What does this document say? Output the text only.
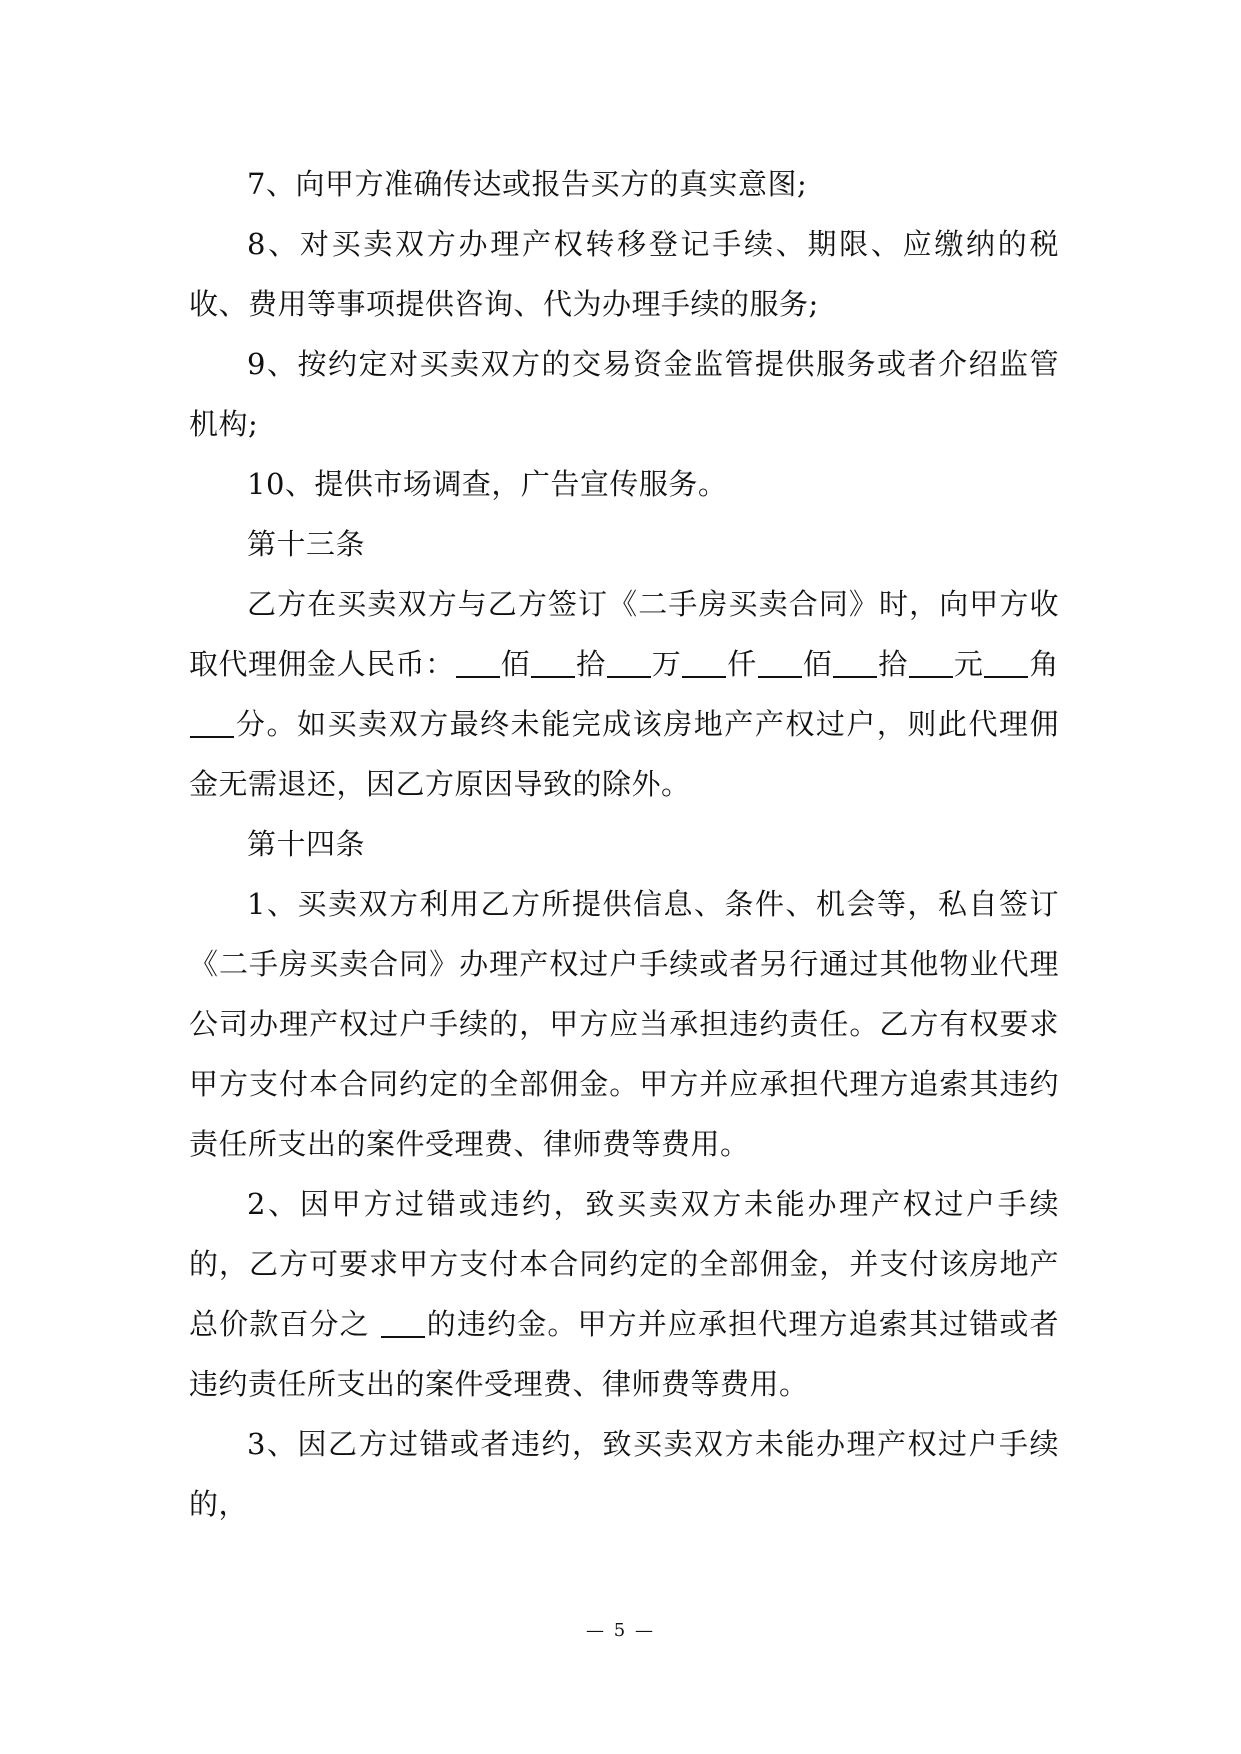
7、向甲方准确传达或报告买方的真实意图;

8、对买卖双方办理产权转移登记手续、期限、应缴纳的税收、费用等事项提供咨询、代为办理手续的服务;

9、按约定对买卖双方的交易资金监管提供服务或者介绍监管机构;

10、提供市场调查，广告宣传服务。

第十三条

乙方在买卖双方与乙方签订《二手房买卖合同》时，向甲方收取代理佣金人民币： 佰 拾 万 仟 佰 拾 元 角分。如买卖双方最终未能完成该房地产产权过户，则此代理佣金无需退还，因乙方原因导致的除外。

第十四条

1、买卖双方利用乙方所提供信息、条件、机会等，私自签订《二手房买卖合同》办理产权过户手续或者另行通过其他物业代理公司办理产权过户手续的，甲方应当承担违约责任。乙方有权要求甲方支付本合同约定的全部佣金。甲方并应承担代理方追索其违约责任所支出的案件受理费、律师费等费用。

2、因甲方过错或违约，致买卖双方未能办理产权过户手续的，乙方可要求甲方支付本合同约定的全部佣金，并支付该房地产总价款百分之 的违约金。甲方并应承担代理方追索其过错或者违约责任所支出的案件受理费、律师费等费用。

3、因乙方过错或者违约，致买卖双方未能办理产权过户手续的，

— 5 —
